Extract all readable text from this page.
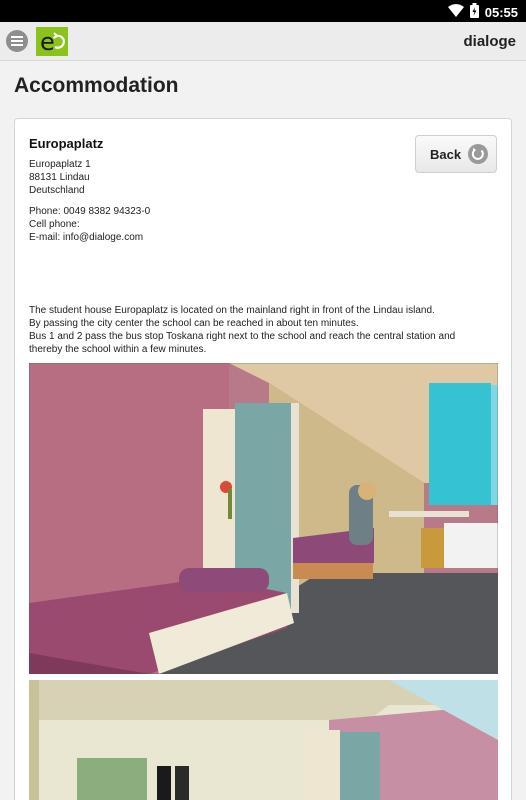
05:55
e	dialoge
Accommodation
Europaplatz
Europaplatz 1
88131 Lindau
Deutschland
Phone: 0049 8382 94323-0
Cell phone:
E-mail: info@dialoge.com
Back
The student house Europaplatz is located on the mainland right in front of the Lindau island.
By passing the city center the school can be reached in about ten minutes.
Bus 1 and 2 pass the bus stop Toskana right next to the school and reach the central station and
thereby the school within a few minutes.
